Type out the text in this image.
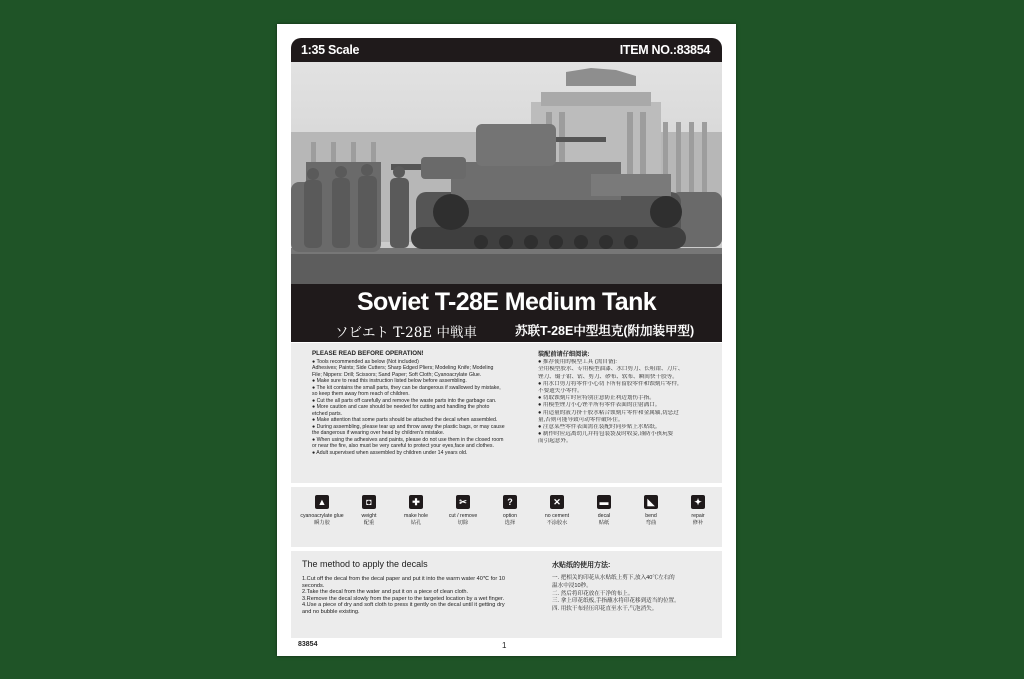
1:35 Scale	ITEM NO.:83854
Soviet T-28E Medium Tank
ソビエト T-28E 中戦車	苏联T-28E中型坦克(附加装甲型)
PLEASE READ BEFORE OPERATION!
● Tools recommended as below (Not included)
Adhesives; Paints; Side Cutters; Sharp Edged Pliers; Modeling Knife; Modeling
File; Nippers: Drill; Scissors; Sand Paper; Soft Cloth; Cyanoacrylate Glue.
● Make sure to read this instruction listed below before assembling.
● The kit contains the small parts, they can be dangerous if swallowed by mistake,
so keep them away from reach of children.
● Cut the all parts off carefully and remove the waste parts into the garbage can.
● More caution and care should be needed for cutting and handling the photo
etched parts.
● Make attention that some parts should be attached the decal when assembled.
● During assembling, please tear up and throw away the plastic bags, or may cause
the dangerous if wearing over head by children's mistake.
● When using the adhesives and paints, please do not use them in the closed room
or near the fire, also must be very careful to protect your eyes,face and clothes.
● Adult supervised when assembled by children under 14 years old.
装配前请仔细阅读:
● 推荐使用的模型工具 (需自备):
全用模型胶水、专用模型油漆、水口剪刀、长咀钳、刀片、
锉刀、镊子钳、钻、剪刀、砂布、软布、瞬间快干胶等。
● 用水口剪刀将零件小心切下所有留胶零件和蚀刻片零件,
不要遗失小零件。
● 切取蚀刻片时应特别注意防止利边划伤手指。
● 用模型锉刀小心锉平所有零件表面的注射溝口。
● 用适量的液力挤干胶水粘合蚀刻片零件和金属轴,切忌过
量,否则可能导致可动零件破坏住。
● 注意某些零件表面需在装配时同步贴上水贴纸。
● 制作时应远离幼儿并将包装袋及时收妥,谨防小孩玩耍
而引起意外。
▲
cyanoacrylate glue
瞬力胶
◘
weight
配重
✚
make hole
钻孔
✂
cut / remove
切除
?
option
选择
✕
no cement
不涂胶水
▬
decal
贴纸
◣
bend
弯曲
✦
repair
修补
The method to apply the decals
1.Cut off the decal from the decal paper and put it into the warm water 40℃ for 10
seconds.
2.Take the decal from the water and put it on a piece of clean cloth.
3.Remove the decal slowly from the paper to the targeted location by a wet finger.
4.Use a piece of dry and soft cloth to press it gently on the decal until it getting dry
and no bubble existing.
水贴纸的使用方法:
一. 把相关的印花从水贴纸上剪下,放入40℃左右的
温水中浸10秒。
二. 然后将印花放在干净的布上。
三. 拿上印花纸板,手指蘸水将印花移到适当的位置。
四. 用软干布轻压印花直至水干,气泡消失。
83854	1
